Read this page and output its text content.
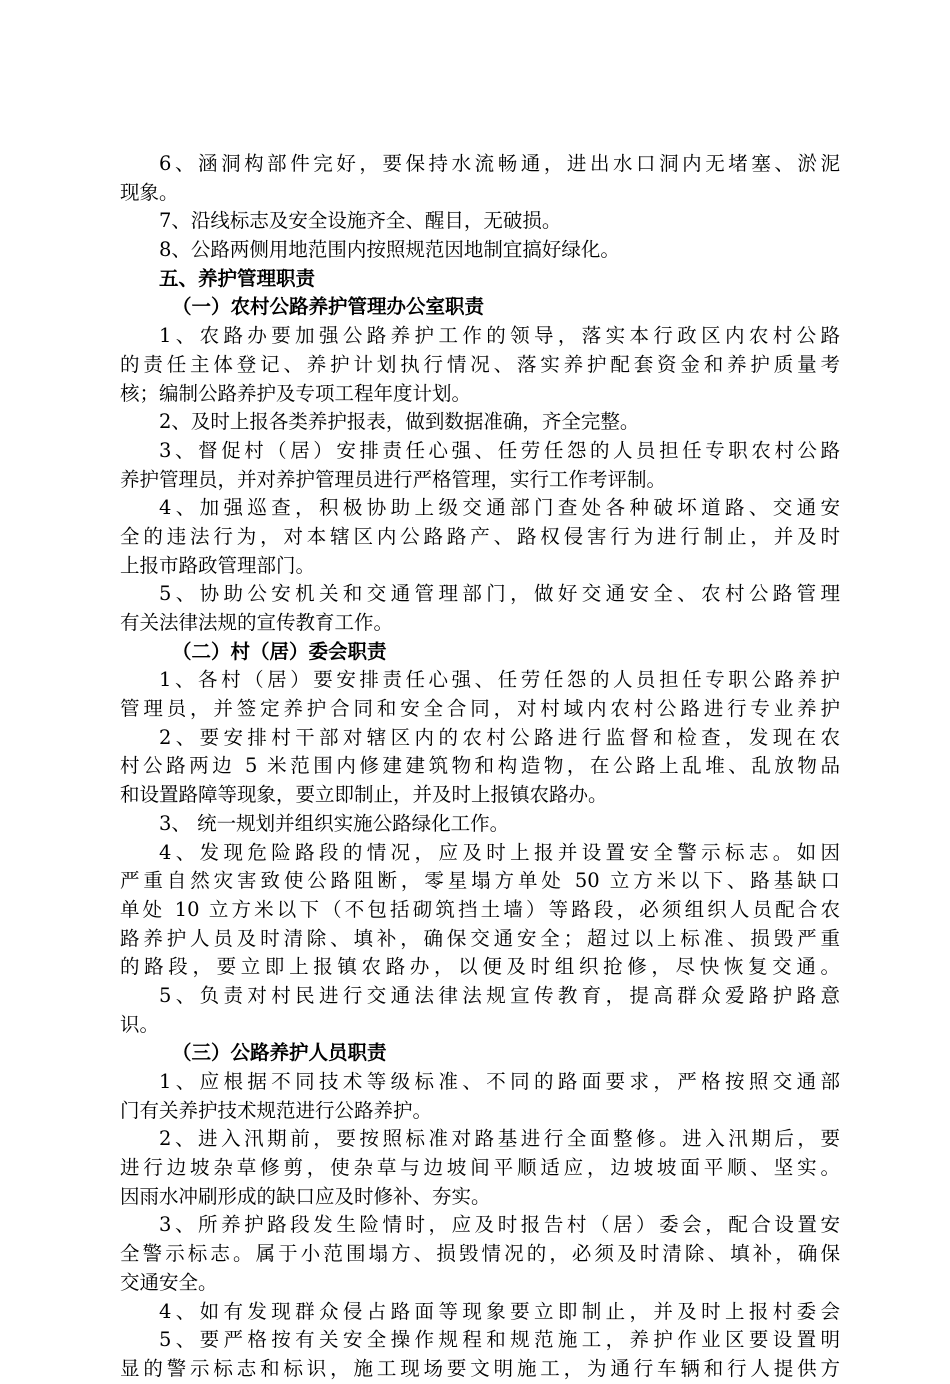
6、涵洞构部件完好，要保持水流畅通，进出水口洞内无堵塞、淤泥
现象。
7、沿线标志及安全设施齐全、醒目，无破损。
8、公路两侧用地范围内按照规范因地制宜搞好绿化。
五、养护管理职责
（一）农村公路养护管理办公室职责
1、农路办要加强公路养护工作的领导，落实本行政区内农村公路
的责任主体登记、养护计划执行情况、落实养护配套资金和养护质量考
核；编制公路养护及专项工程年度计划。
2、及时上报各类养护报表，做到数据准确，齐全完整。
3、督促村（居）安排责任心强、任劳任怨的人员担任专职农村公路
养护管理员，并对养护管理员进行严格管理，实行工作考评制。
4、加强巡查，积极协助上级交通部门查处各种破坏道路、交通安
全的违法行为，对本辖区内公路路产、路权侵害行为进行制止，并及时
上报市路政管理部门。
5、协助公安机关和交通管理部门，做好交通安全、农村公路管理
有关法律法规的宣传教育工作。
（二）村（居）委会职责
1、各村（居）要安排责任心强、任劳任怨的人员担任专职公路养护
管理员，并签定养护合同和安全合同，对村域内农村公路进行专业养护
2、要安排村干部对辖区内的农村公路进行监督和检查，发现在农
村公路两边 5 米范围内修建建筑物和构造物，在公路上乱堆、乱放物品
和设置路障等现象，要立即制止，并及时上报镇农路办。
3、 统一规划并组织实施公路绿化工作。
4、发现危险路段的情况，应及时上报并设置安全警示标志。如因
严重自然灾害致使公路阻断，零星塌方单处 50 立方米以下、路基缺口
单处 10 立方米以下（不包括砌筑挡土墙）等路段，必须组织人员配合农
路养护人员及时清除、填补，确保交通安全；超过以上标准、损毁严重
的路段，要立即上报镇农路办，以便及时组织抢修，尽快恢复交通。
5、负责对村民进行交通法律法规宣传教育，提高群众爱路护路意
识。
（三）公路养护人员职责
1、应根据不同技术等级标准、不同的路面要求，严格按照交通部
门有关养护技术规范进行公路养护。
2、进入汛期前，要按照标准对路基进行全面整修。进入汛期后，要
进行边坡杂草修剪，使杂草与边坡间平顺适应，边坡坡面平顺、坚实。
因雨水冲刷形成的缺口应及时修补、夯实。
3、所养护路段发生险情时，应及时报告村（居）委会，配合设置安
全警示标志。属于小范围塌方、损毁情况的，必须及时清除、填补，确保
交通安全。
4、如有发现群众侵占路面等现象要立即制止，并及时上报村委会
5、要严格按有关安全操作规程和规范施工，养护作业区要设置明
显的警示标志和标识，施工现场要文明施工，为通行车辆和行人提供方
